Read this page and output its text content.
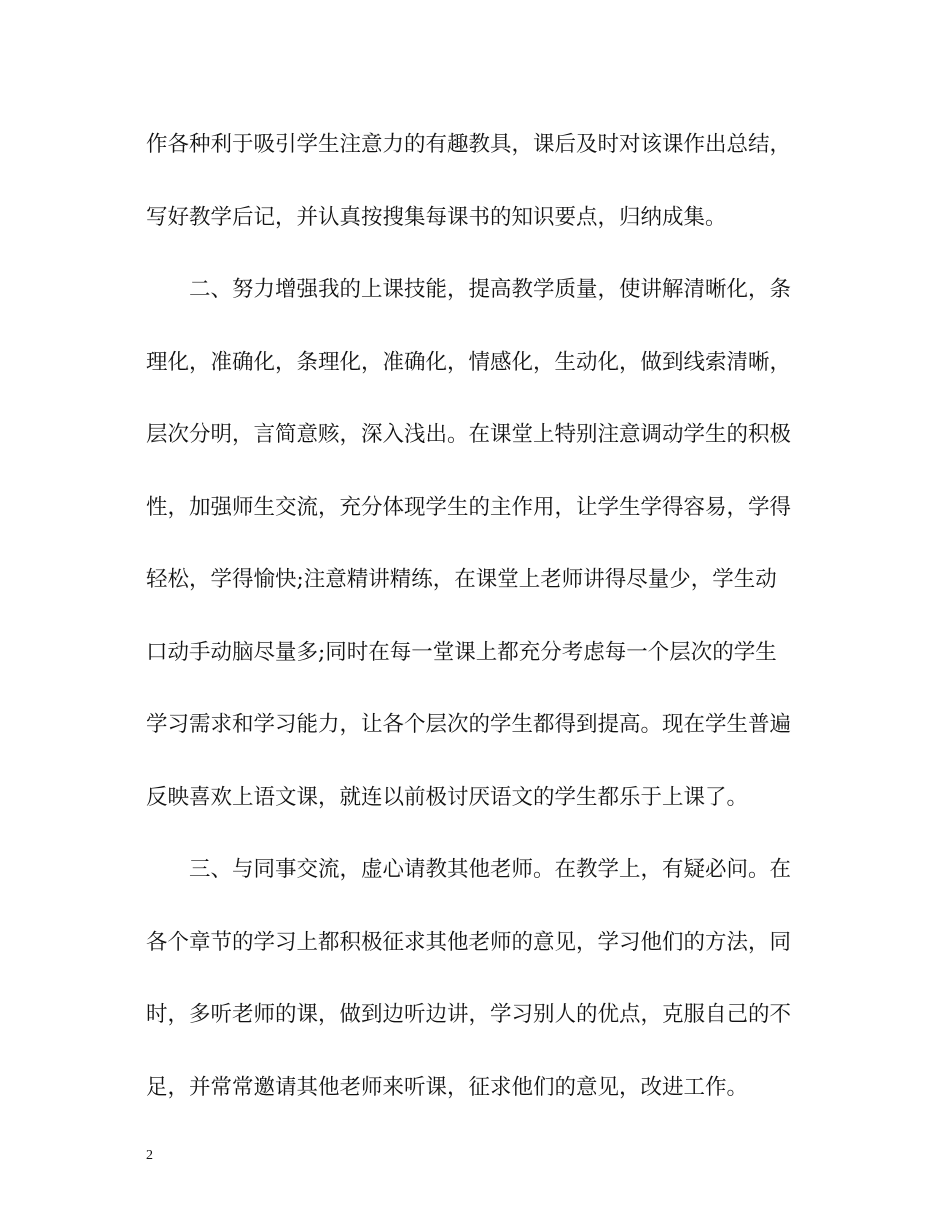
作各种利于吸引学生注意力的有趣教具，课后及时对该课作出总结，
写好教学后记，并认真按搜集每课书的知识要点，归纳成集。
二、努力增强我的上课技能，提高教学质量，使讲解清晰化，条
理化，准确化，条理化，准确化，情感化，生动化，做到线索清晰，
层次分明，言简意赅，深入浅出。在课堂上特别注意调动学生的积极
性，加强师生交流，充分体现学生的主作用，让学生学得容易，学得
轻松，学得愉快;注意精讲精练，在课堂上老师讲得尽量少，学生动
口动手动脑尽量多;同时在每一堂课上都充分考虑每一个层次的学生
学习需求和学习能力，让各个层次的学生都得到提高。现在学生普遍
反映喜欢上语文课，就连以前极讨厌语文的学生都乐于上课了。
三、与同事交流，虚心请教其他老师。在教学上，有疑必问。在
各个章节的学习上都积极征求其他老师的意见，学习他们的方法，同
时，多听老师的课，做到边听边讲，学习别人的优点，克服自己的不
足，并常常邀请其他老师来听课，征求他们的意见，改进工作。
2
